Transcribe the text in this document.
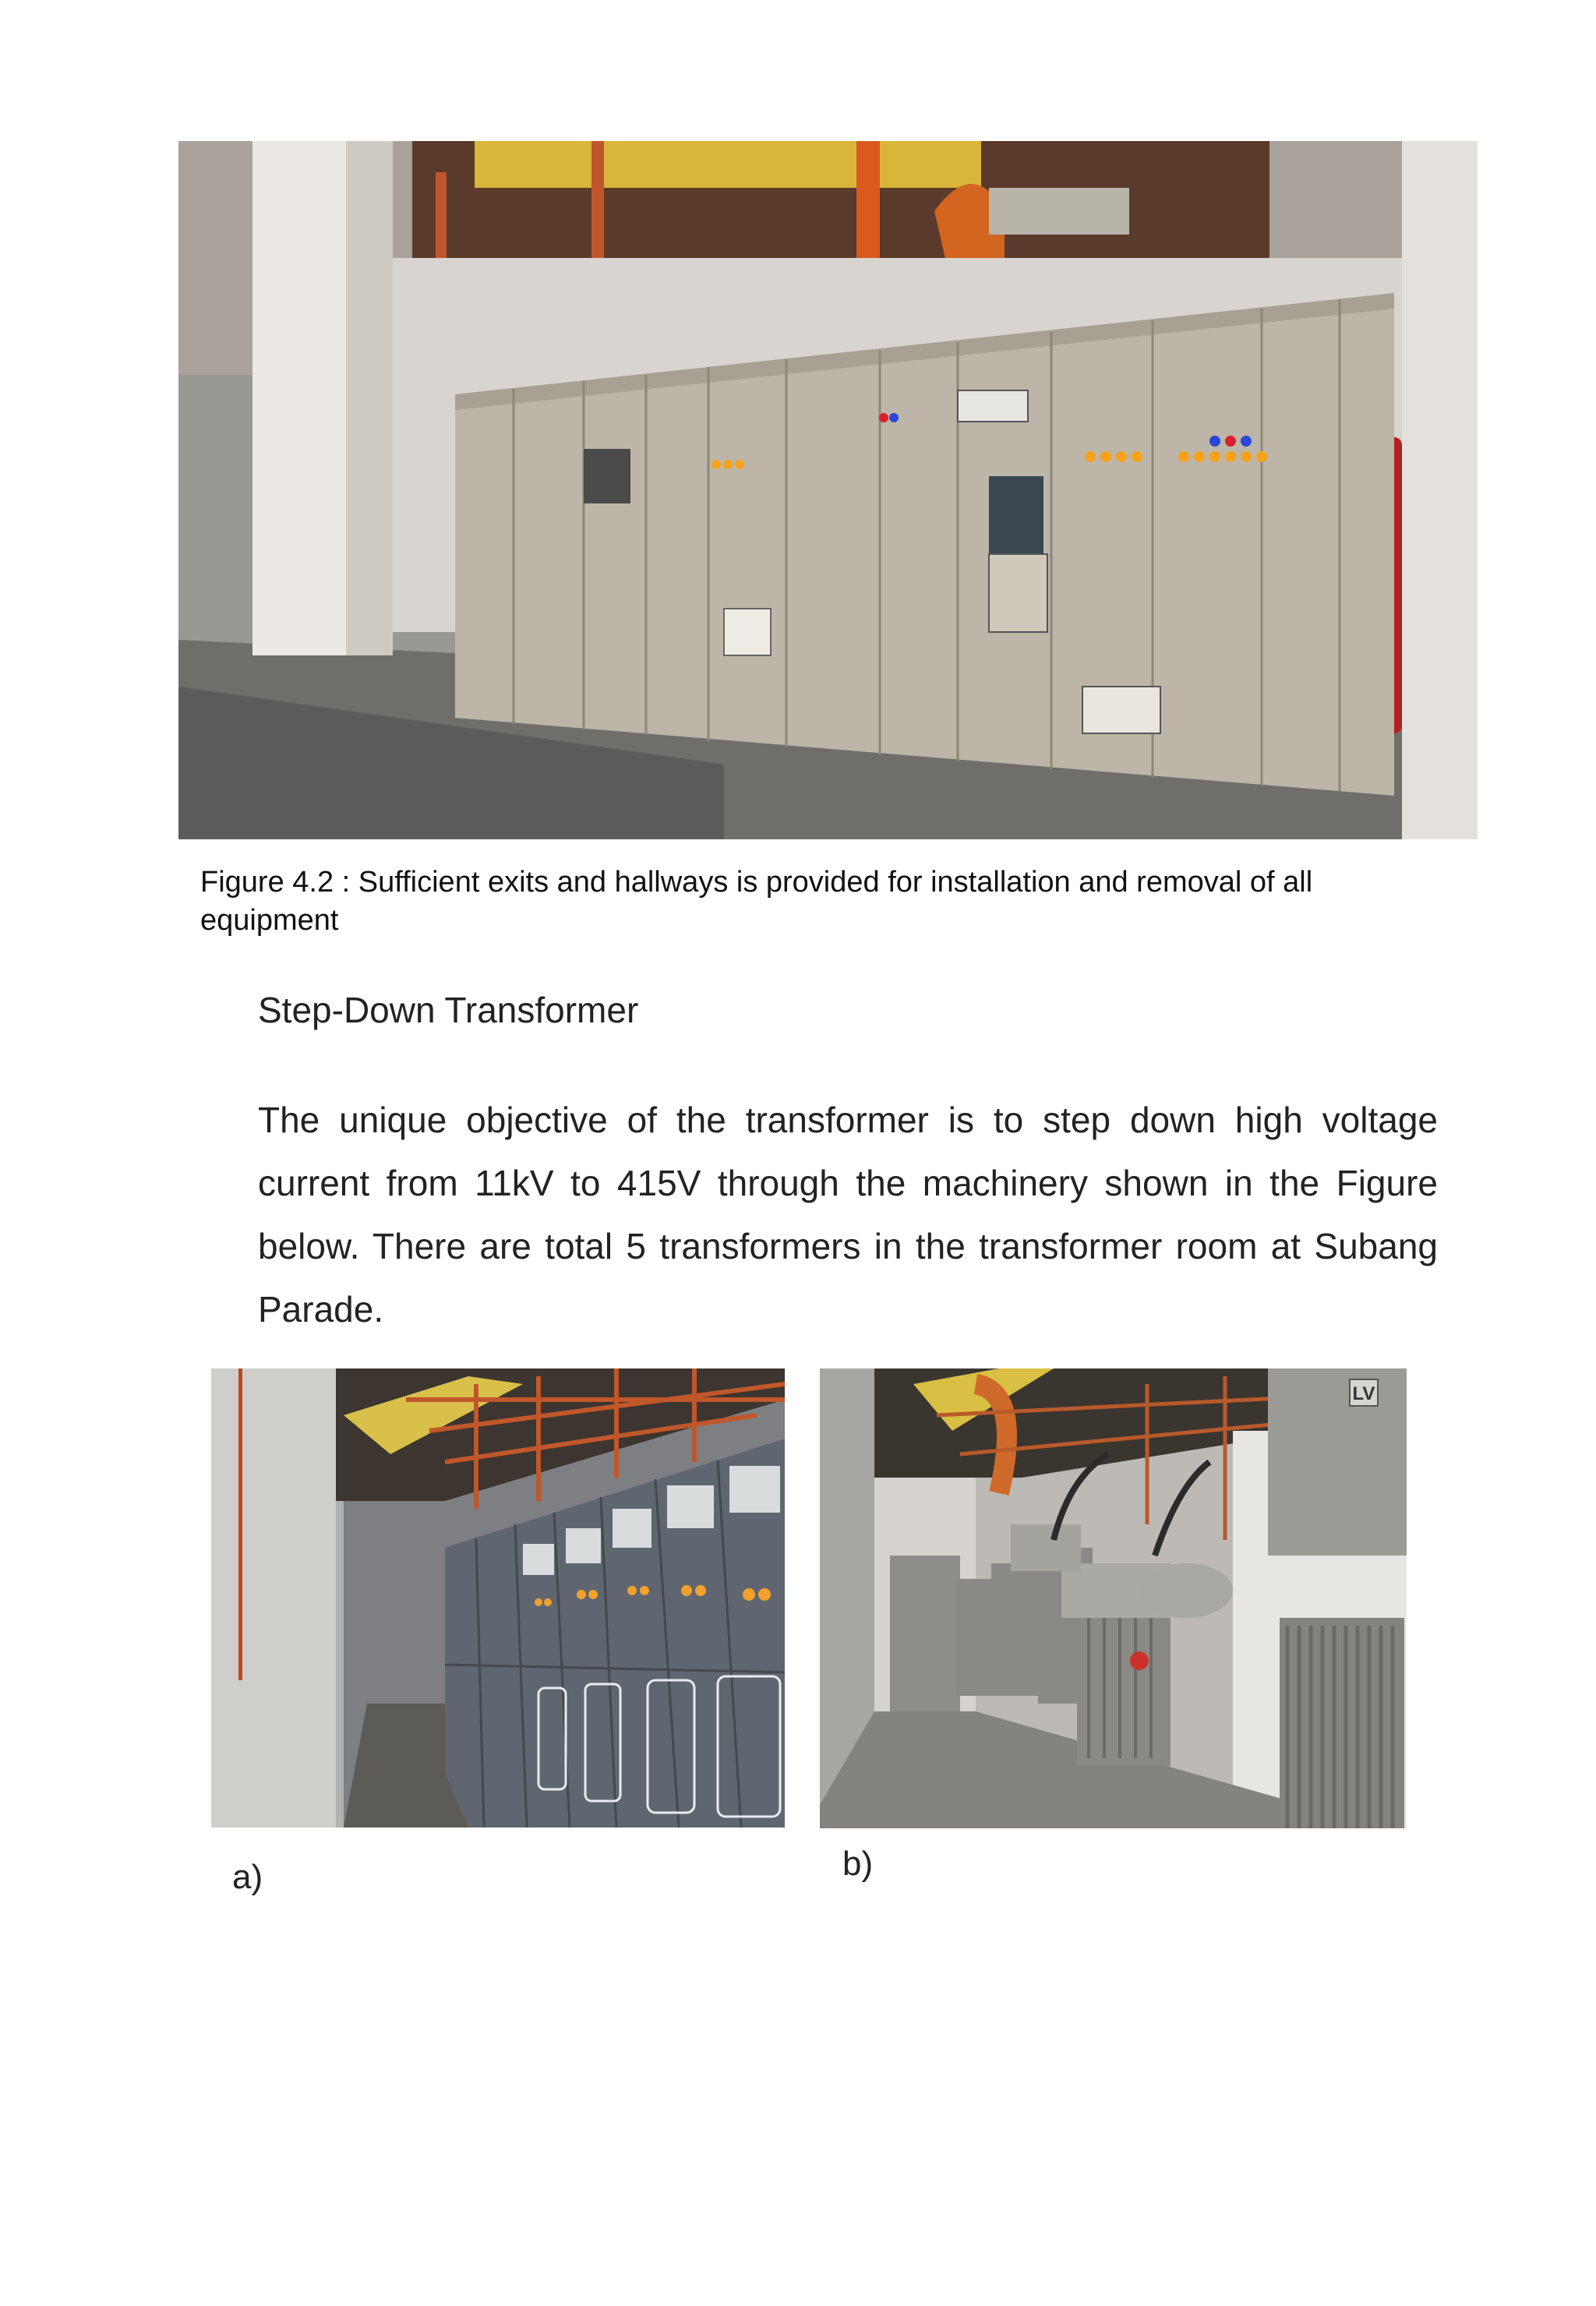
Figure 4.2 : Sufficient exits and hallways is provided for installation and removal of all equipment
Step-Down Transformer
The unique objective of the transformer is to step down high voltage current from 11kV to 415V through the machinery shown in the Figure below. There are total 5 transformers in the transformer room at Subang Parade.
LV
a)	b)
